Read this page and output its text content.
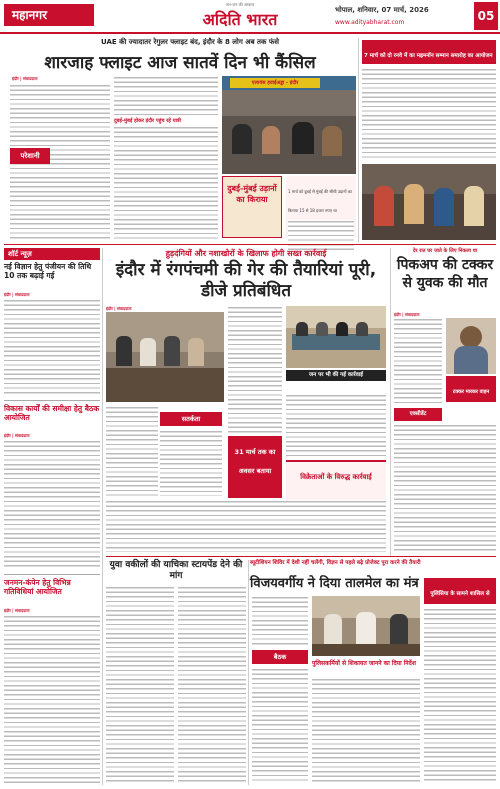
महानगर
जन-जन की आवाज
अदिति भारत	भोपाल, शनिवार, 07 मार्च, 2026
www.adityabharat.com	05
UAE की ज्यादातर रेगुलर फ्लाइट बंद, इंदौर के 8 लोग अब तक फंसे
शारजाह फ्लाइट आज सातवें दिन भी कैंसिल
इंदौर | संवाददाता
परेशानी
दुबई-मुंबई होकर इंदौर पहुंच रहे यात्री
एलायंस हवाईअड्डा - इंदौर
दुबई-मुंबई उड़ानों का किराया
1 मार्च को दुबई से मुंबई की सीधी उड़ानों का किराया 15 से 18 हजार रुपए था
7 मार्च को दो रनवे में का मह्रमनॉन सम्मान समारोह का आयोजन
शॉर्ट न्यूज़
नई विज्ञान हेतु पंजीयन की तिथि 10 तक बढ़ाई गई
इंदौर | संवाददाता
विकास कार्यों की समीक्षा हेतु बैठक आयोजित
इंदौर | संवाददाता
जनमन-कंपेन हेतु विभिन्न गतिविधियां आयोजित
इंदौर | संवाददाता
हुड़दंगियों और नशाखोरों के खिलाफ होगी सख्त कार्रवाई
इंदौर में रंगपंचमी की गेर की तैयारियां पूरी, डीजे प्रतिबंधित
इंदौर | संवाददाता
सतर्कता
जन पर भी की गई कार्रवाई
31 मार्च तक का अवसर बताया
विक्रेताओं के विरुद्ध कार्रवाई
देर रात घर जाते के लिए निकला था
पिकअप की टक्कर से युवक की मौत
इंदौर | संवाददाता
टक्कर मारकर वाहन चालक फरार
एक्सीडेंट
युवा वकीलों की याचिका स्टायपेंड देने की मांग
ब्यूटीशियन शिविर में देशी नहीं चलेंगी, विज्ञन से पहले बढ़े प्रोजेक्ट पूरा करने की तैयारी
विजयवर्गीय ने दिया तालमेल का मंत्र
बैठक
पुलिसकर्मियों से शिकायत जानने का दिया निर्देश
पुलिसिया के सामने शासिल से
